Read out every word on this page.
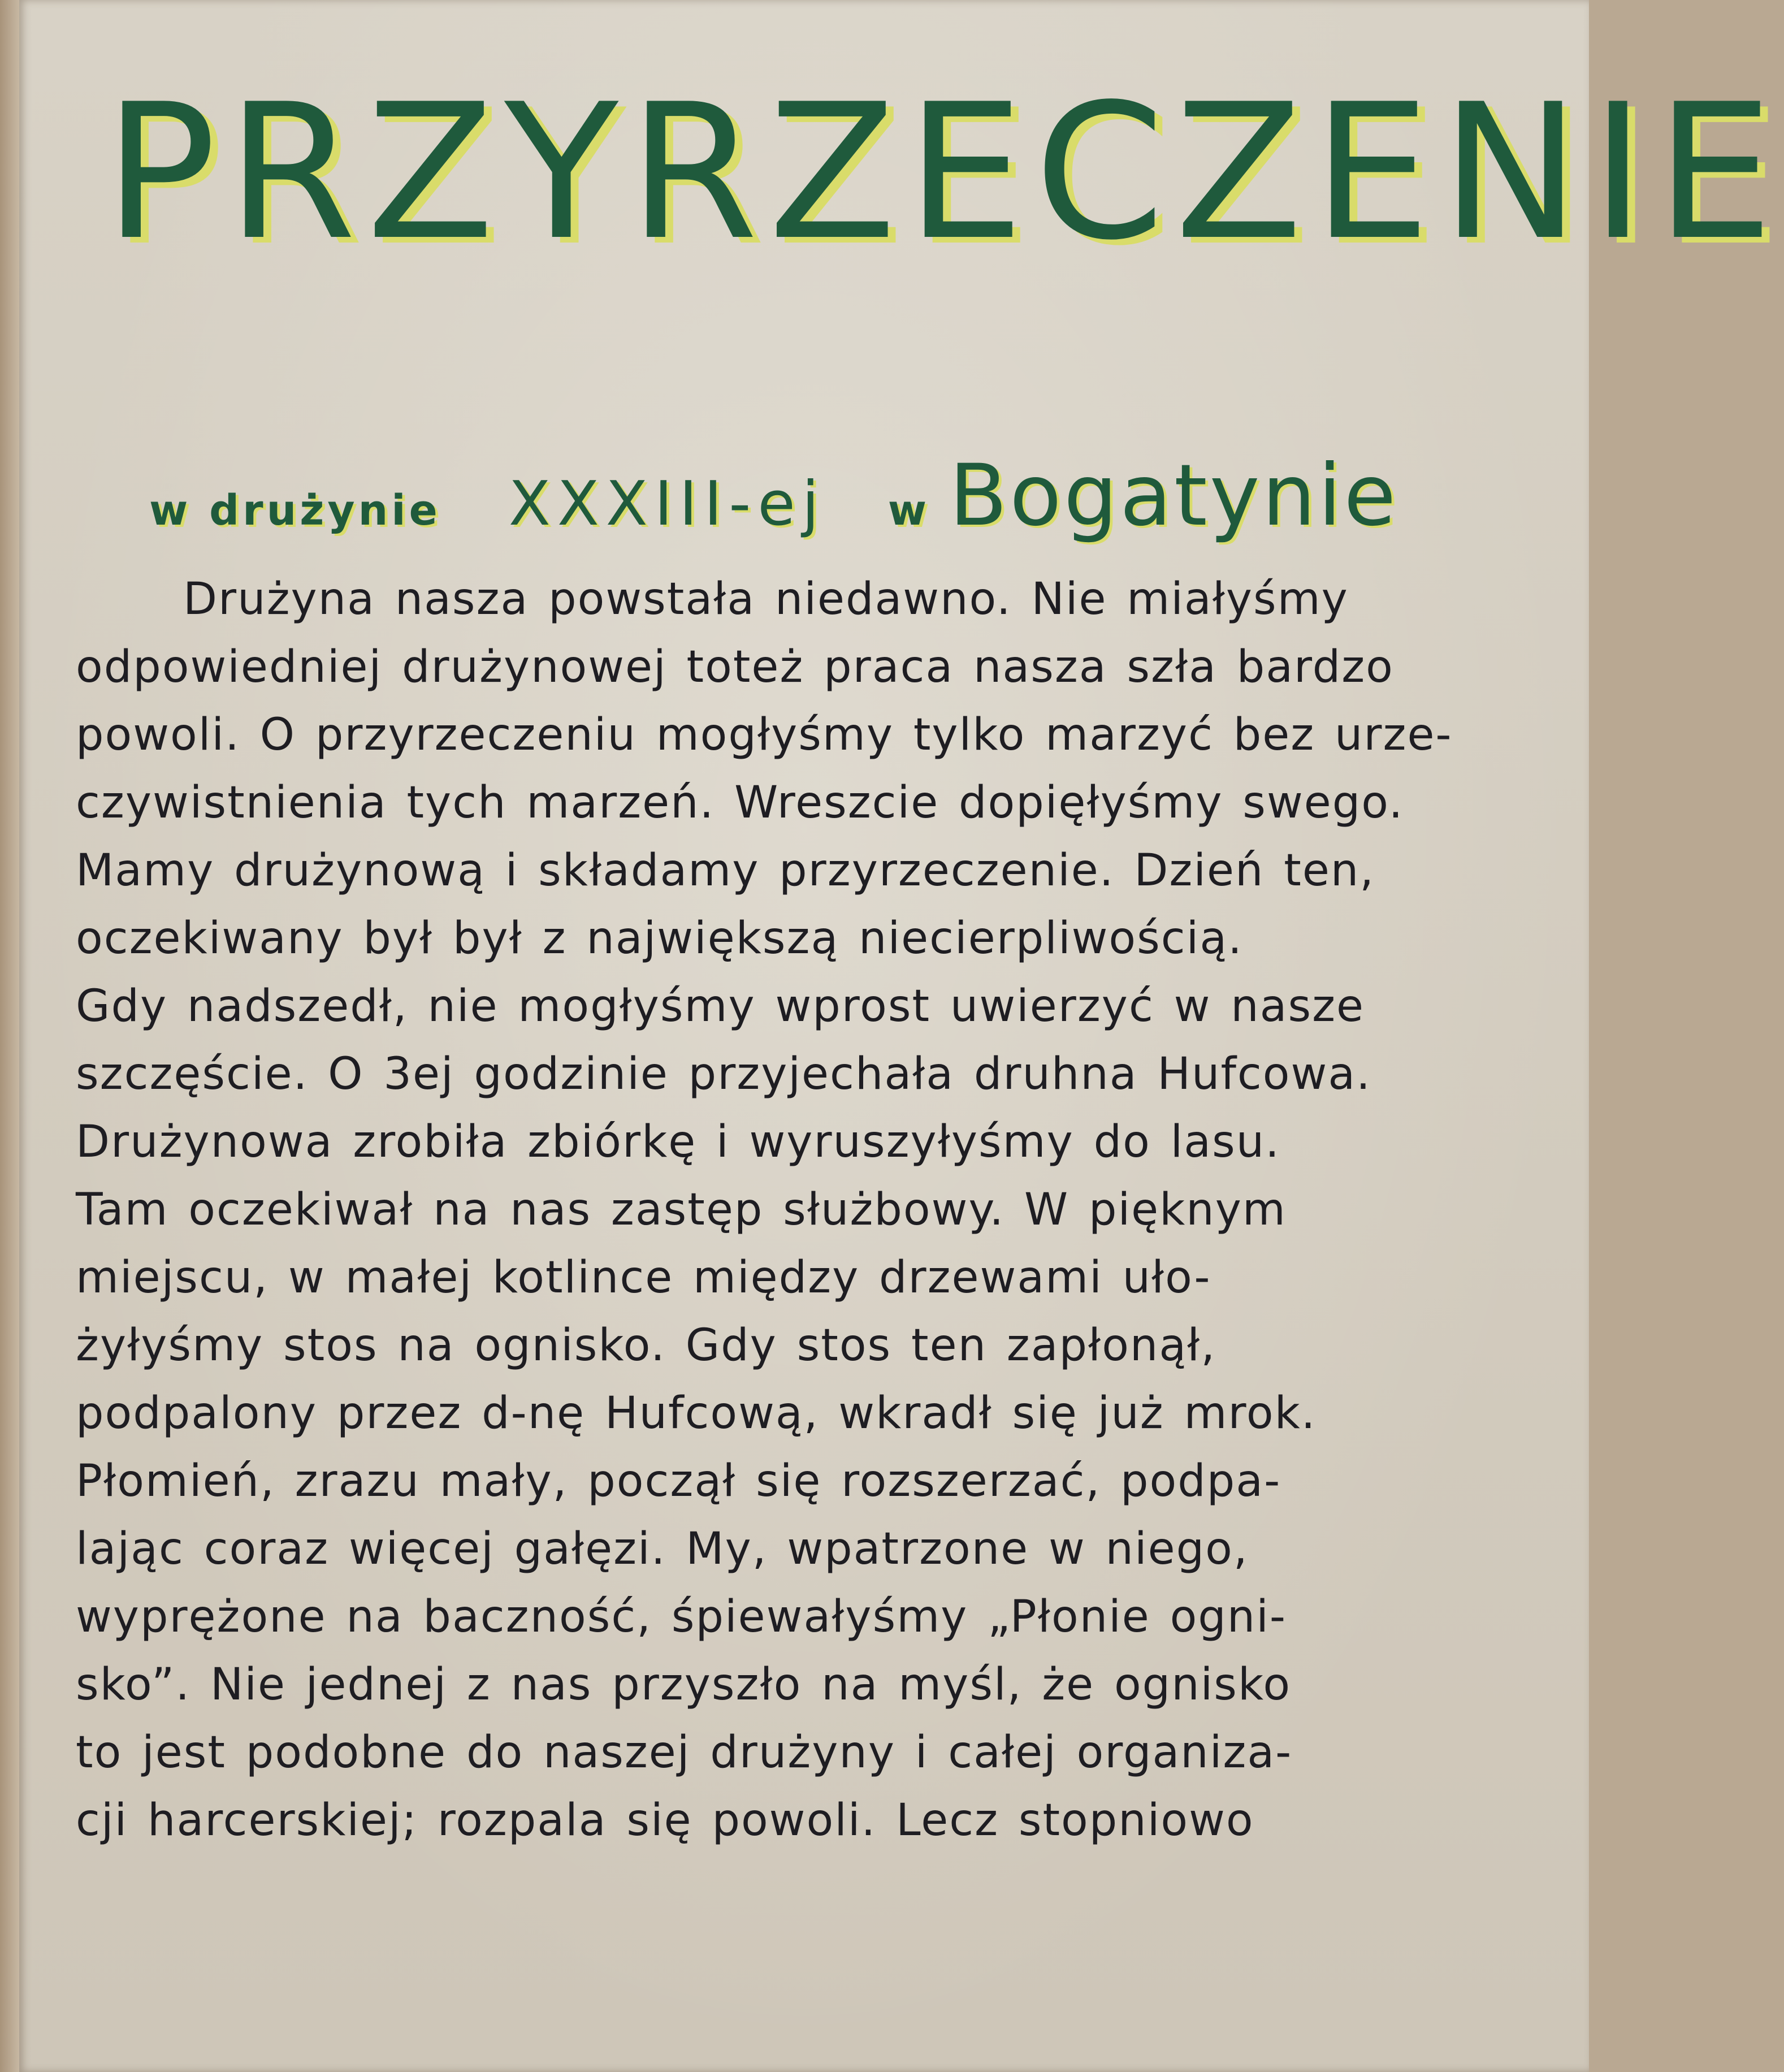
PRZYRZECZENIE
w drużynie XXXIII-ej w Bogatynie
Drużyna nasza powstała niedawno. Nie miałyśmy
odpowiedniej drużynowej toteż praca nasza szła bardzo
powoli. O przyrzeczeniu mogłyśmy tylko marzyć bez urze-
czywistnienia tych marzeń. Wreszcie dopięłyśmy swego.
Mamy drużynową i składamy przyrzeczenie. Dzień ten,
oczekiwany był był z największą niecierpliwością.
Gdy nadszedł, nie mogłyśmy wprost uwierzyć w nasze
szczęście. O 3ej godzinie przyjechała druhna Hufcowa.
Drużynowa zrobiła zbiórkę i wyruszyłyśmy do lasu.
Tam oczekiwał na nas zastęp służbowy. W pięknym
miejscu, w małej kotlince między drzewami uło-
żyłyśmy stos na ognisko. Gdy stos ten zapłonął,
podpalony przez d-nę Hufcową, wkradł się już mrok.
Płomień, zrazu mały, począł się rozszerzać, podpa-
lając coraz więcej gałęzi. My, wpatrzone w niego,
wyprężone na baczność, śpiewałyśmy „Płonie ogni-
sko”. Nie jednej z nas przyszło na myśl, że ognisko
to jest podobne do naszej drużyny i całej organiza-
cji harcerskiej; rozpala się powoli. Lecz stopniowo
